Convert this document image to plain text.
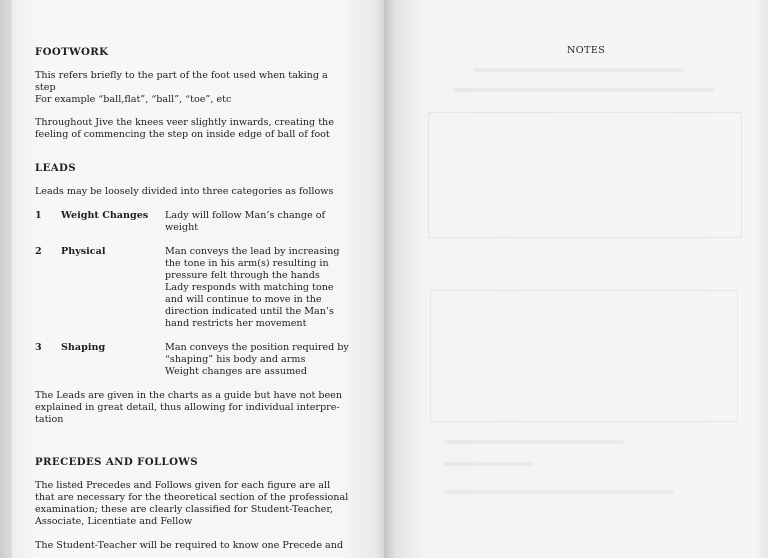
FOOTWORK

This refers briefly to the part of the foot used when taking a

step

For example “ball,flat”, “ball”, “toe”, etc

Throughout Jive the knees veer slightly inwards, creating the

feeling of commencing the step on inside edge of ball of foot

LEADS

Leads may be loosely divided into three categories as follows

1 Weight Changes Lady will follow Man’s change of
weight
2 Physical	Man conveys the lead by increasing
the tone in his arm(s) resulting in
pressure felt through the hands
Lady responds with matching tone
and will continue to move in the
direction indicated until the Man’s
hand restricts her movement
3 Shaping	Man conveys the position required by
“shaping” his body and arms
Weight changes are assumed

The Leads are given in the charts as a guide but have not been

explained in great detail, thus allowing for individual interpre-

tation

PRECEDES AND FOLLOWS

The listed Precedes and Follows given for each figure are all

that are necessary for the theoretical section of the professional

examination; these are clearly classified for Student-Teacher,

Associate, Licentiate and Fellow

The Student-Teacher will be required to know one Precede and

NOTES
